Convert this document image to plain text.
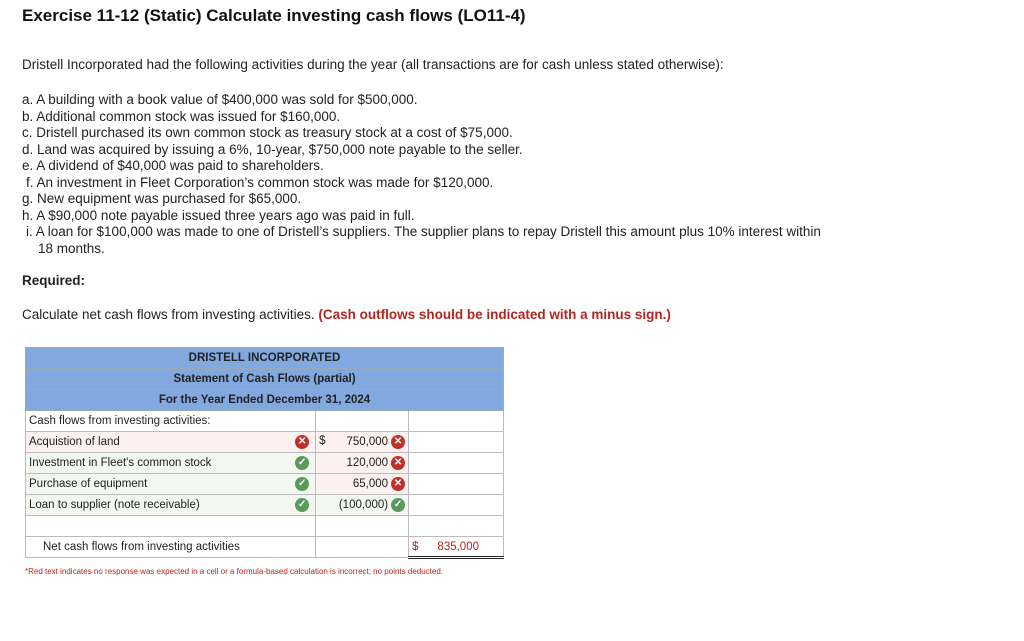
Exercise 11-12 (Static) Calculate investing cash flows (LO11-4)
Dristell Incorporated had the following activities during the year (all transactions are for cash unless stated otherwise):
a. A building with a book value of $400,000 was sold for $500,000.
b. Additional common stock was issued for $160,000.
c. Dristell purchased its own common stock as treasury stock at a cost of $75,000.
d. Land was acquired by issuing a 6%, 10-year, $750,000 note payable to the seller.
e. A dividend of $40,000 was paid to shareholders.
f. An investment in Fleet Corporation’s common stock was made for $120,000.
g. New equipment was purchased for $65,000.
h. A $90,000 note payable issued three years ago was paid in full.
i. A loan for $100,000 was made to one of Dristell’s suppliers. The supplier plans to repay Dristell this amount plus 10% interest within
18 months.
Required:
Calculate net cash flows from investing activities. (Cash outflows should be indicated with a minus sign.)
DRISTELL INCORPORATED		
Statement of Cash Flows (partial)		
For the Year Ended December 31, 2024		
Cash flows from investing activities:		
Acquistion of land ✕	$ 750,000 ✕	

Investment in Fleet's common stock ✓	120,000 ✕	

Purchase of equipment ✓	65,000 ✕	

Loan to supplier (note receivable) ✓	(100,000) ✓	

Net cash flows from investing activities		$ 835,000
*Red text indicates no response was expected in a cell or a formula-based calculation is incorrect; no points deducted.
